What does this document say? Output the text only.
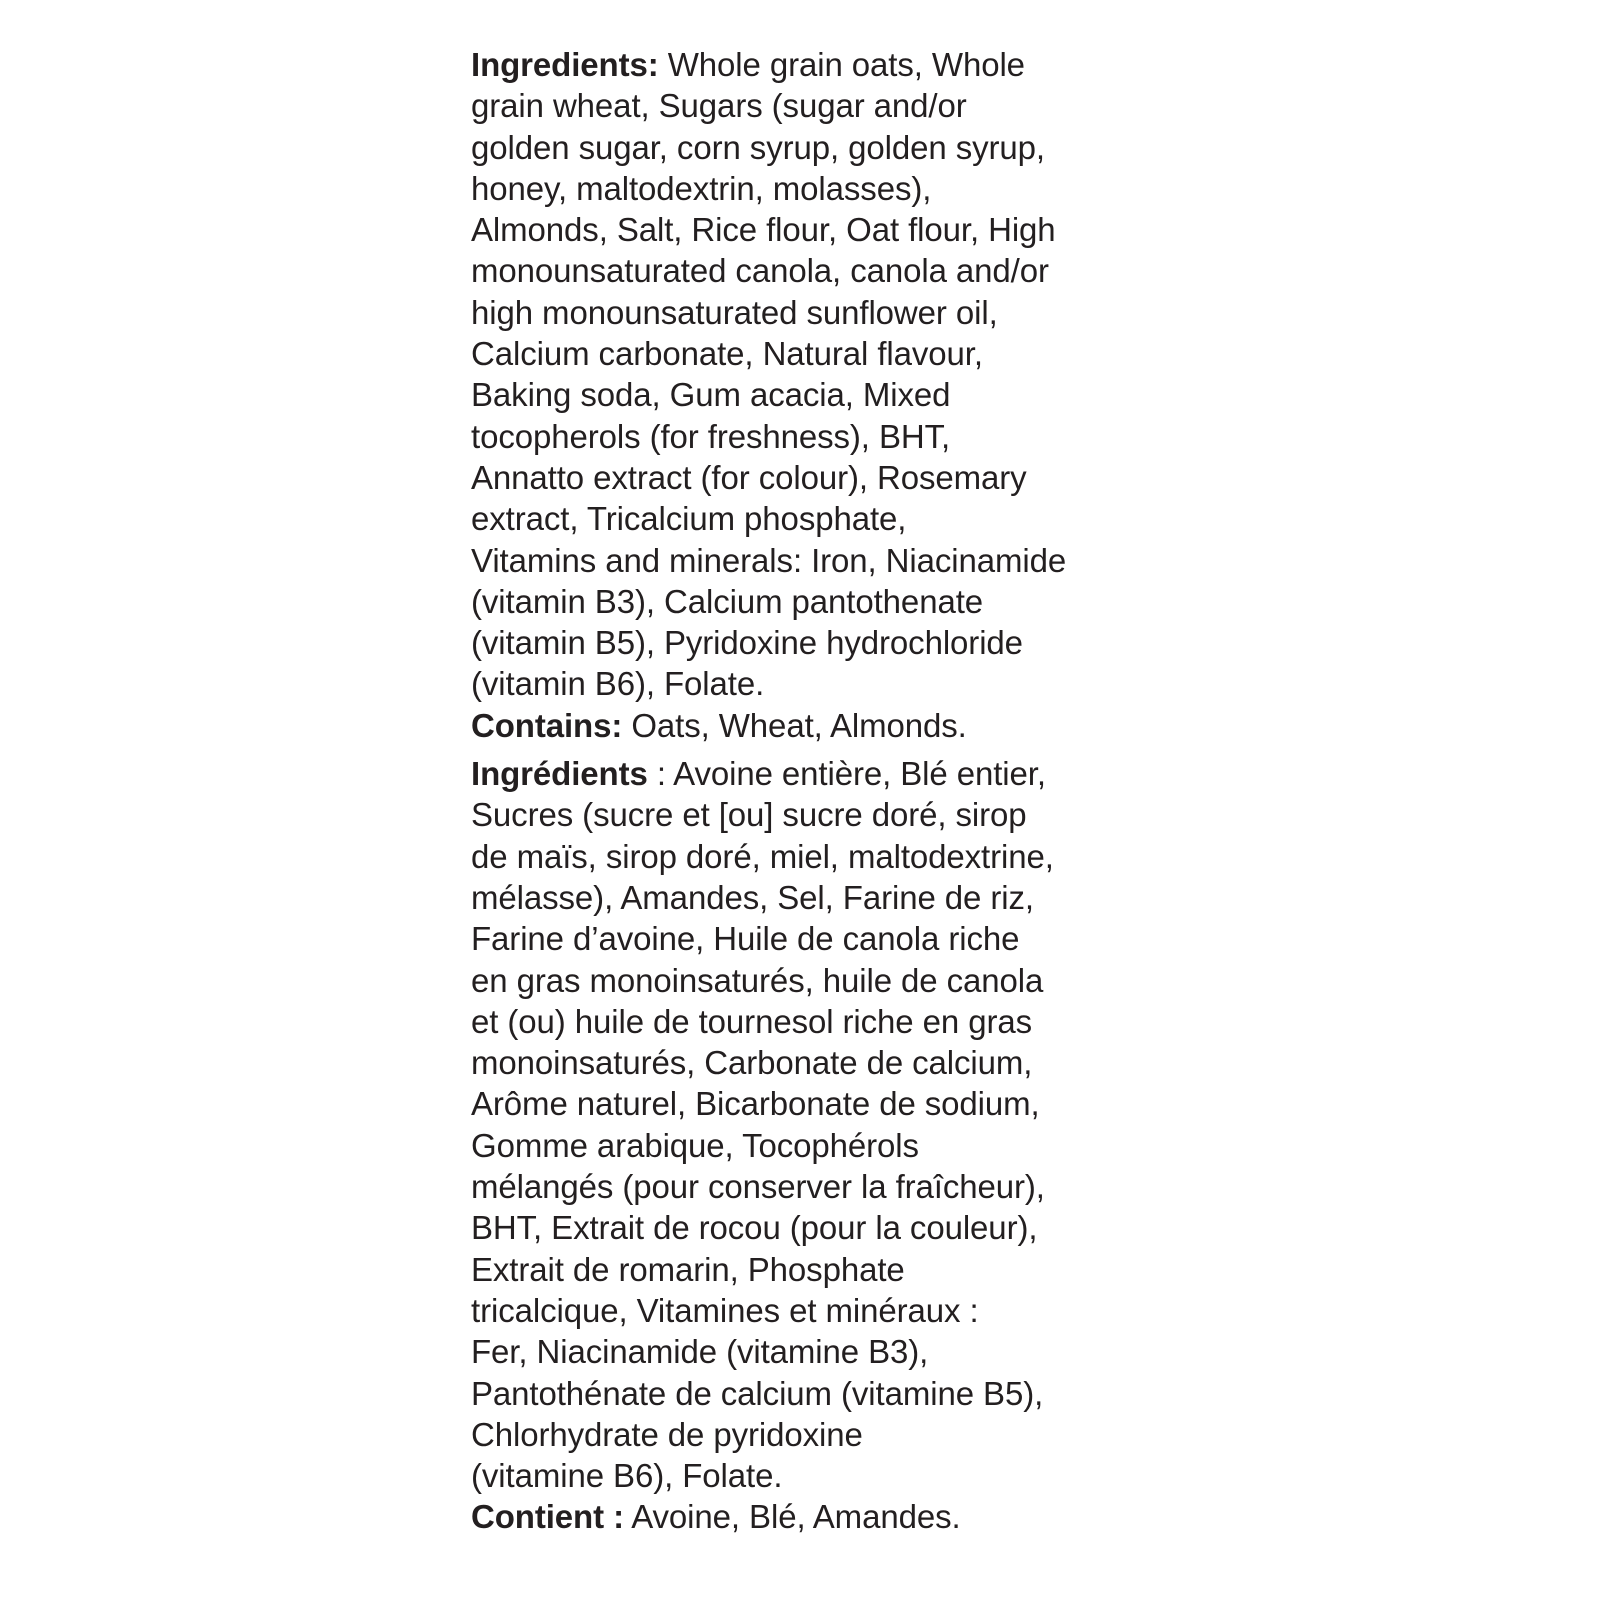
Ingredients: Whole grain oats, Whole
grain wheat, Sugars (sugar and/or
golden sugar, corn syrup, golden syrup,
honey, maltodextrin, molasses),
Almonds, Salt, Rice flour, Oat flour, High
monounsaturated canola, canola and/or
high monounsaturated sunflower oil,
Calcium carbonate, Natural flavour,
Baking soda, Gum acacia, Mixed
tocopherols (for freshness), BHT,
Annatto extract (for colour), Rosemary
extract, Tricalcium phosphate,
Vitamins and minerals: Iron, Niacinamide
(vitamin B3), Calcium pantothenate
(vitamin B5), Pyridoxine hydrochloride
(vitamin B6), Folate.
Contains: Oats, Wheat, Almonds.
Ingrédients : Avoine entière, Blé entier,
Sucres (sucre et [ou] sucre doré, sirop
de maïs, sirop doré, miel, maltodextrine,
mélasse), Amandes, Sel, Farine de riz,
Farine d’avoine, Huile de canola riche
en gras monoinsaturés, huile de canola
et (ou) huile de tournesol riche en gras
monoinsaturés, Carbonate de calcium,
Arôme naturel, Bicarbonate de sodium,
Gomme arabique, Tocophérols
mélangés (pour conserver la fraîcheur),
BHT, Extrait de rocou (pour la couleur),
Extrait de romarin, Phosphate
tricalcique, Vitamines et minéraux :
Fer, Niacinamide (vitamine B3),
Pantothénate de calcium (vitamine B5),
Chlorhydrate de pyridoxine
(vitamine B6), Folate.
Contient : Avoine, Blé, Amandes.
